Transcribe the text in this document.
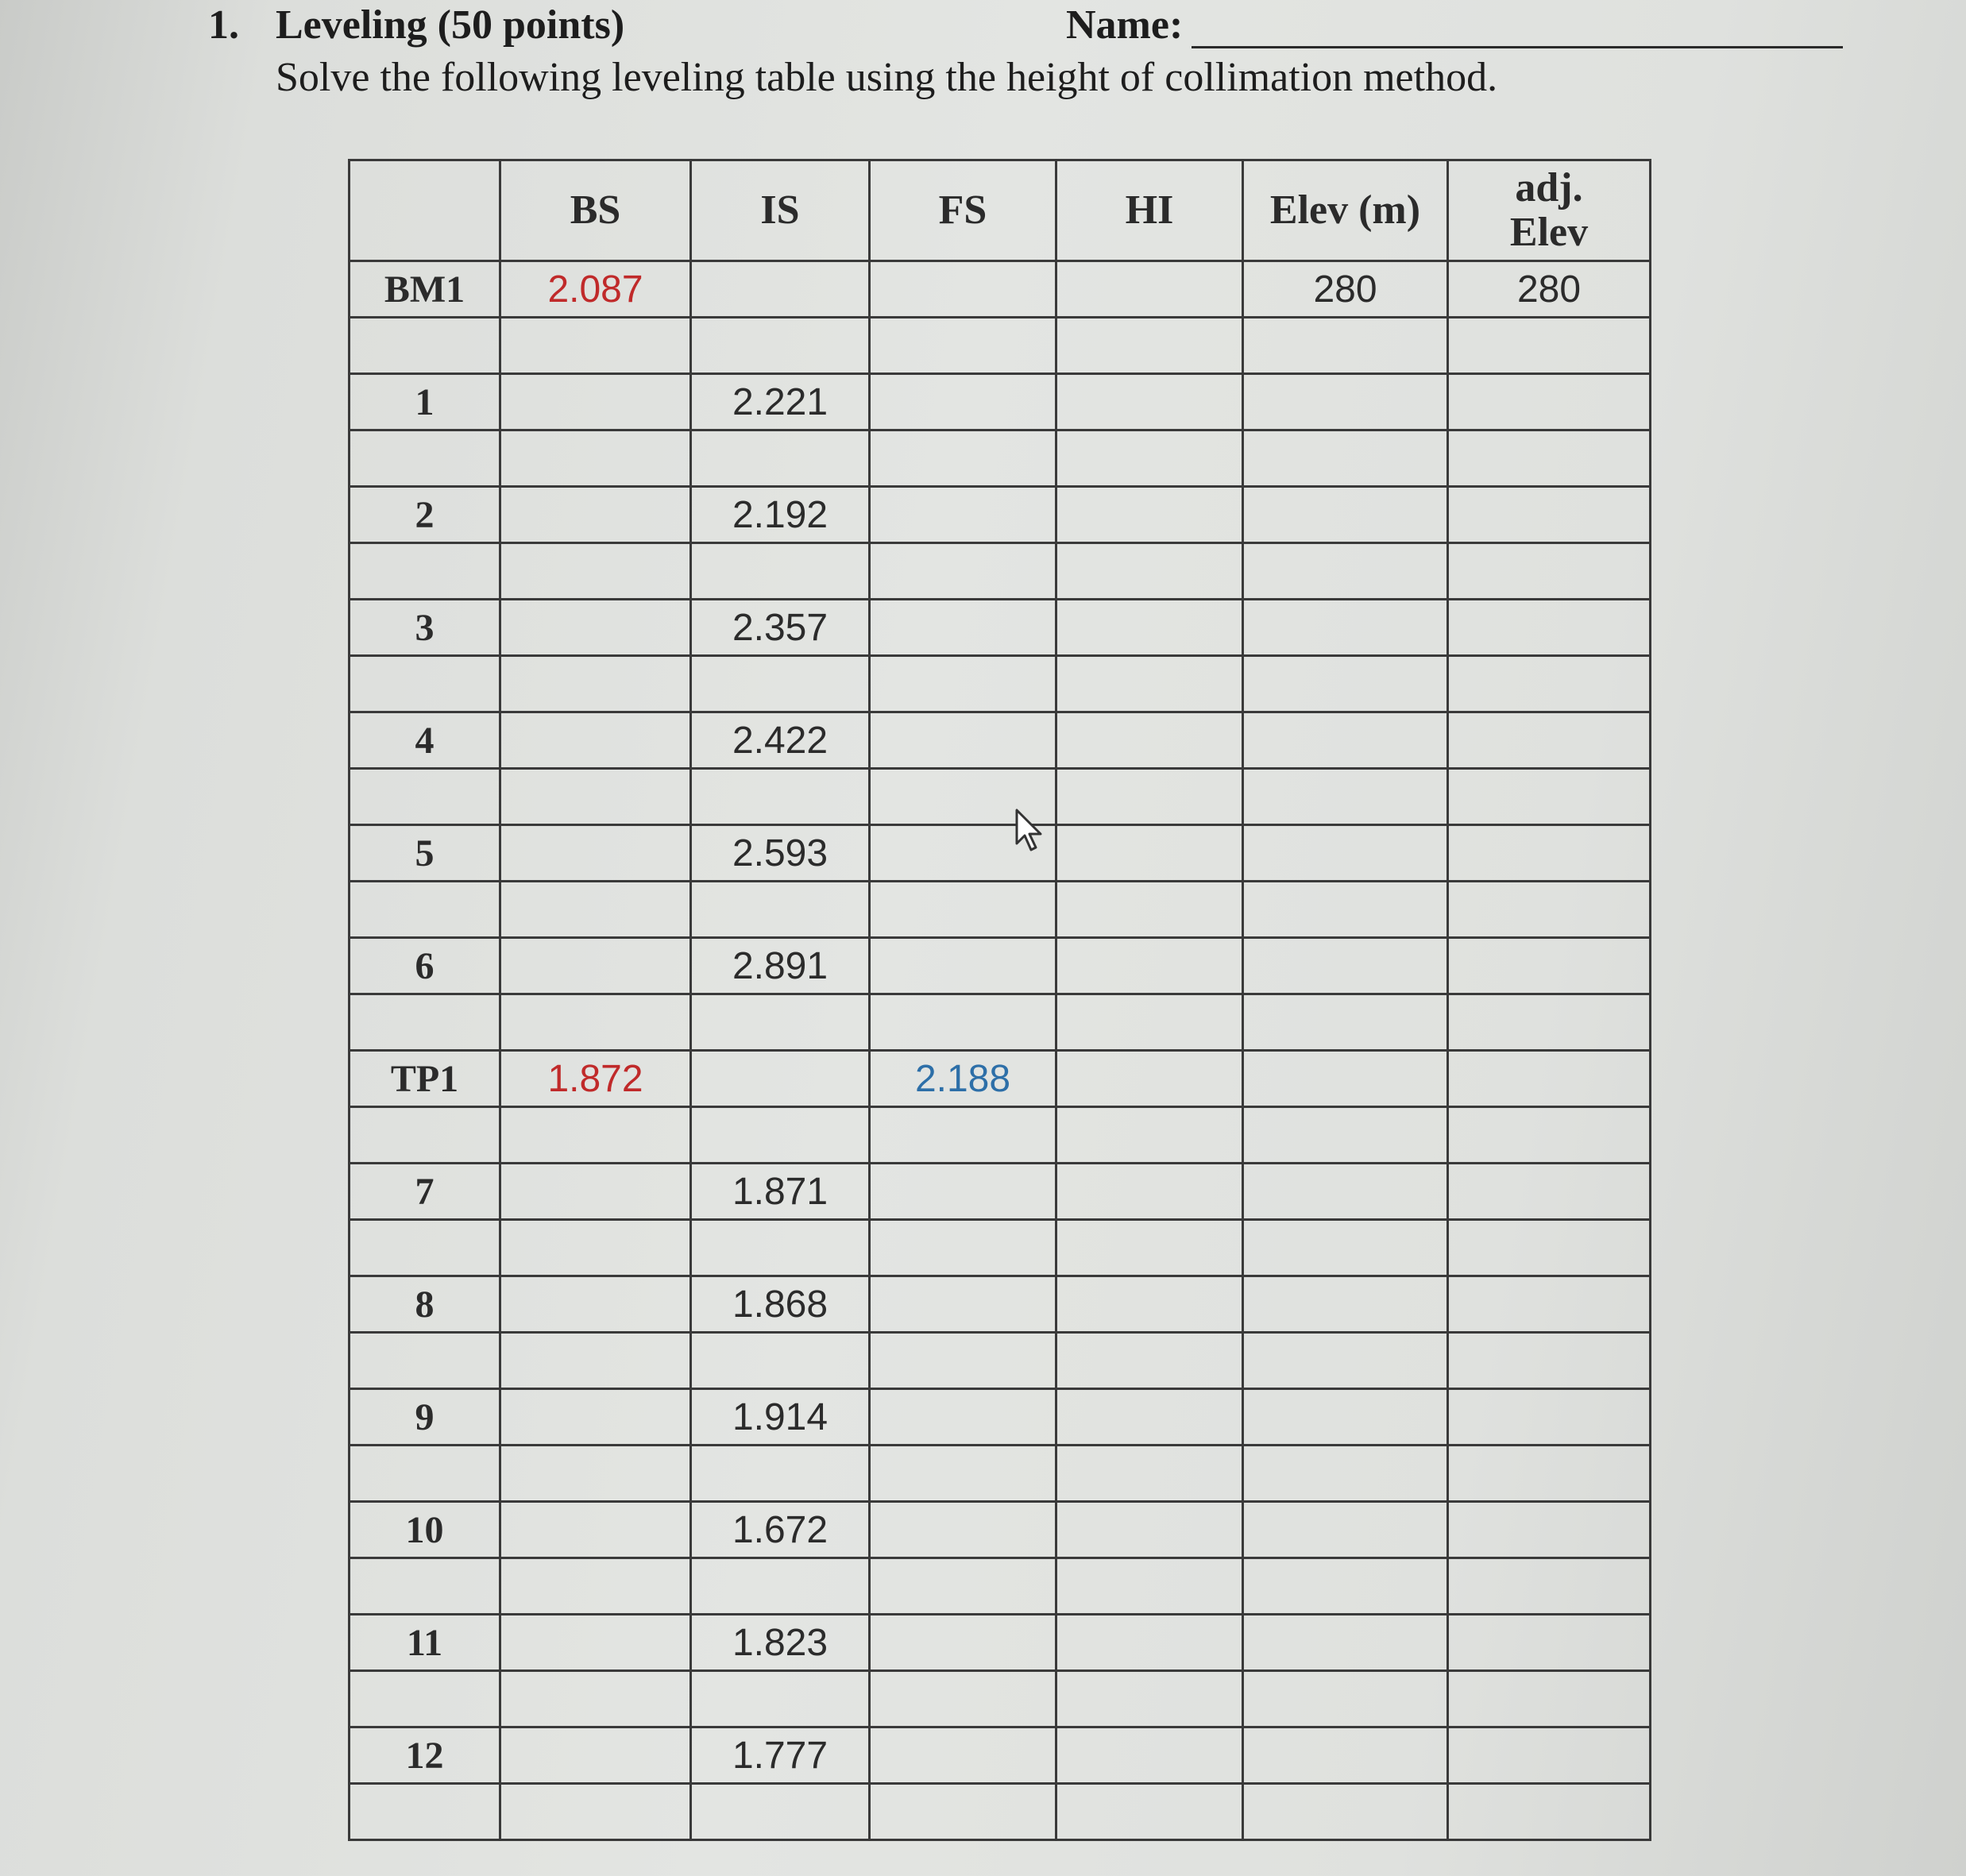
1. Leveling (50 points)	Name:
Solve the following leveling table using the height of collimation method.
	BS	IS	FS	HI	Elev (m)	adj.
Elev
BM1	2.087				280	280

1		2.221				

2		2.192				

3		2.357				

4		2.422				

5		2.593				

6		2.891				

TP1	1.872		2.188			

7		1.871				

8		1.868				

9		1.914				

10		1.672				

11		1.823				

12		1.777				
